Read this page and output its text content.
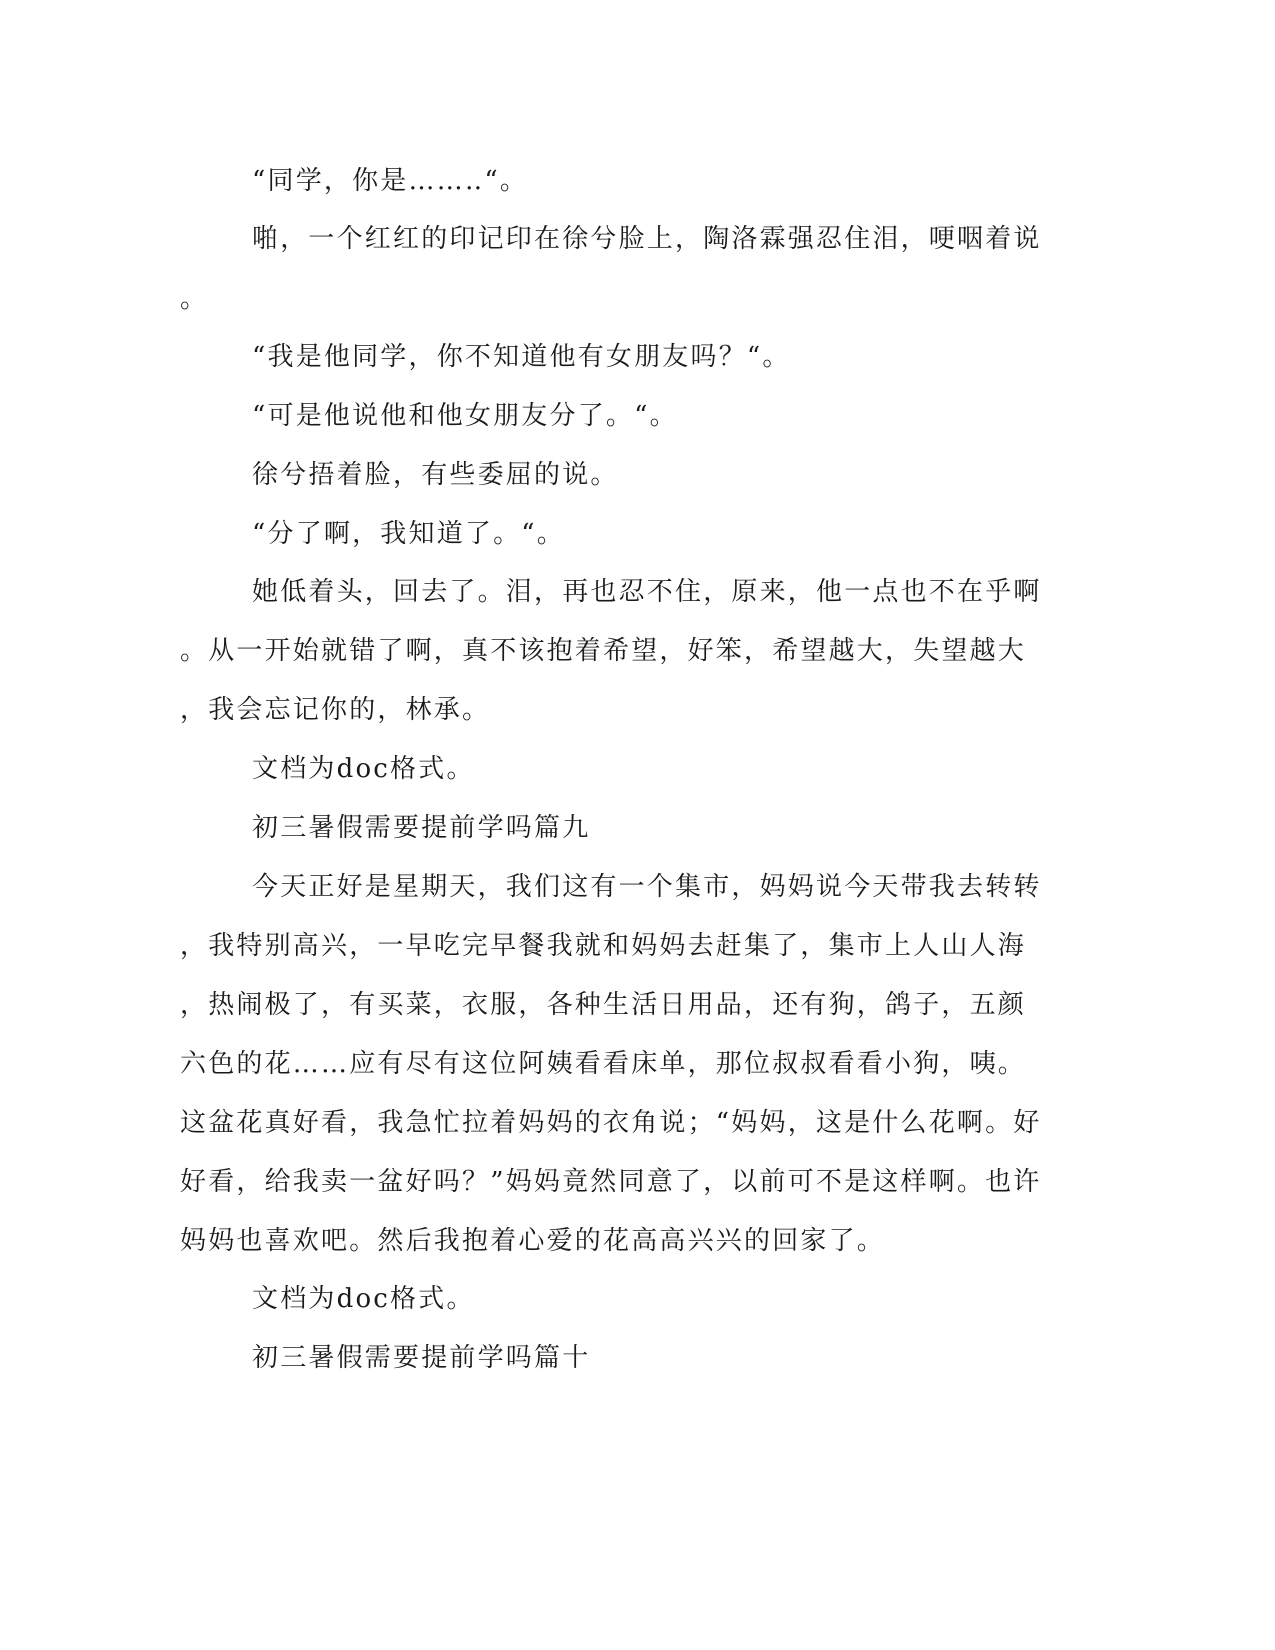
“同学，你是……‥“。
啪，一个红红的印记印在徐兮脸上，陶洛霖强忍住泪，哽咽着说
。
“我是他同学，你不知道他有女朋友吗？“。
“可是他说他和他女朋友分了。“。
徐兮捂着脸，有些委屈的说。
“分了啊，我知道了。“。
她低着头，回去了。泪，再也忍不住，原来，他一点也不在乎啊
。从一开始就错了啊，真不该抱着希望，好笨，希望越大，失望越大
，我会忘记你的，林承。
文档为doc格式。
初三暑假需要提前学吗篇九
今天正好是星期天，我们这有一个集市，妈妈说今天带我去转转
，我特别高兴，一早吃完早餐我就和妈妈去赶集了，集市上人山人海
，热闹极了，有买菜，衣服，各种生活日用品，还有狗，鸽子，五颜
六色的花……应有尽有这位阿姨看看床单，那位叔叔看看小狗，咦。
这盆花真好看，我急忙拉着妈妈的衣角说；“妈妈，这是什么花啊。好
好看，给我卖一盆好吗？”妈妈竟然同意了，以前可不是这样啊。也许
妈妈也喜欢吧。然后我抱着心爱的花高高兴兴的回家了。
文档为doc格式。
初三暑假需要提前学吗篇十
